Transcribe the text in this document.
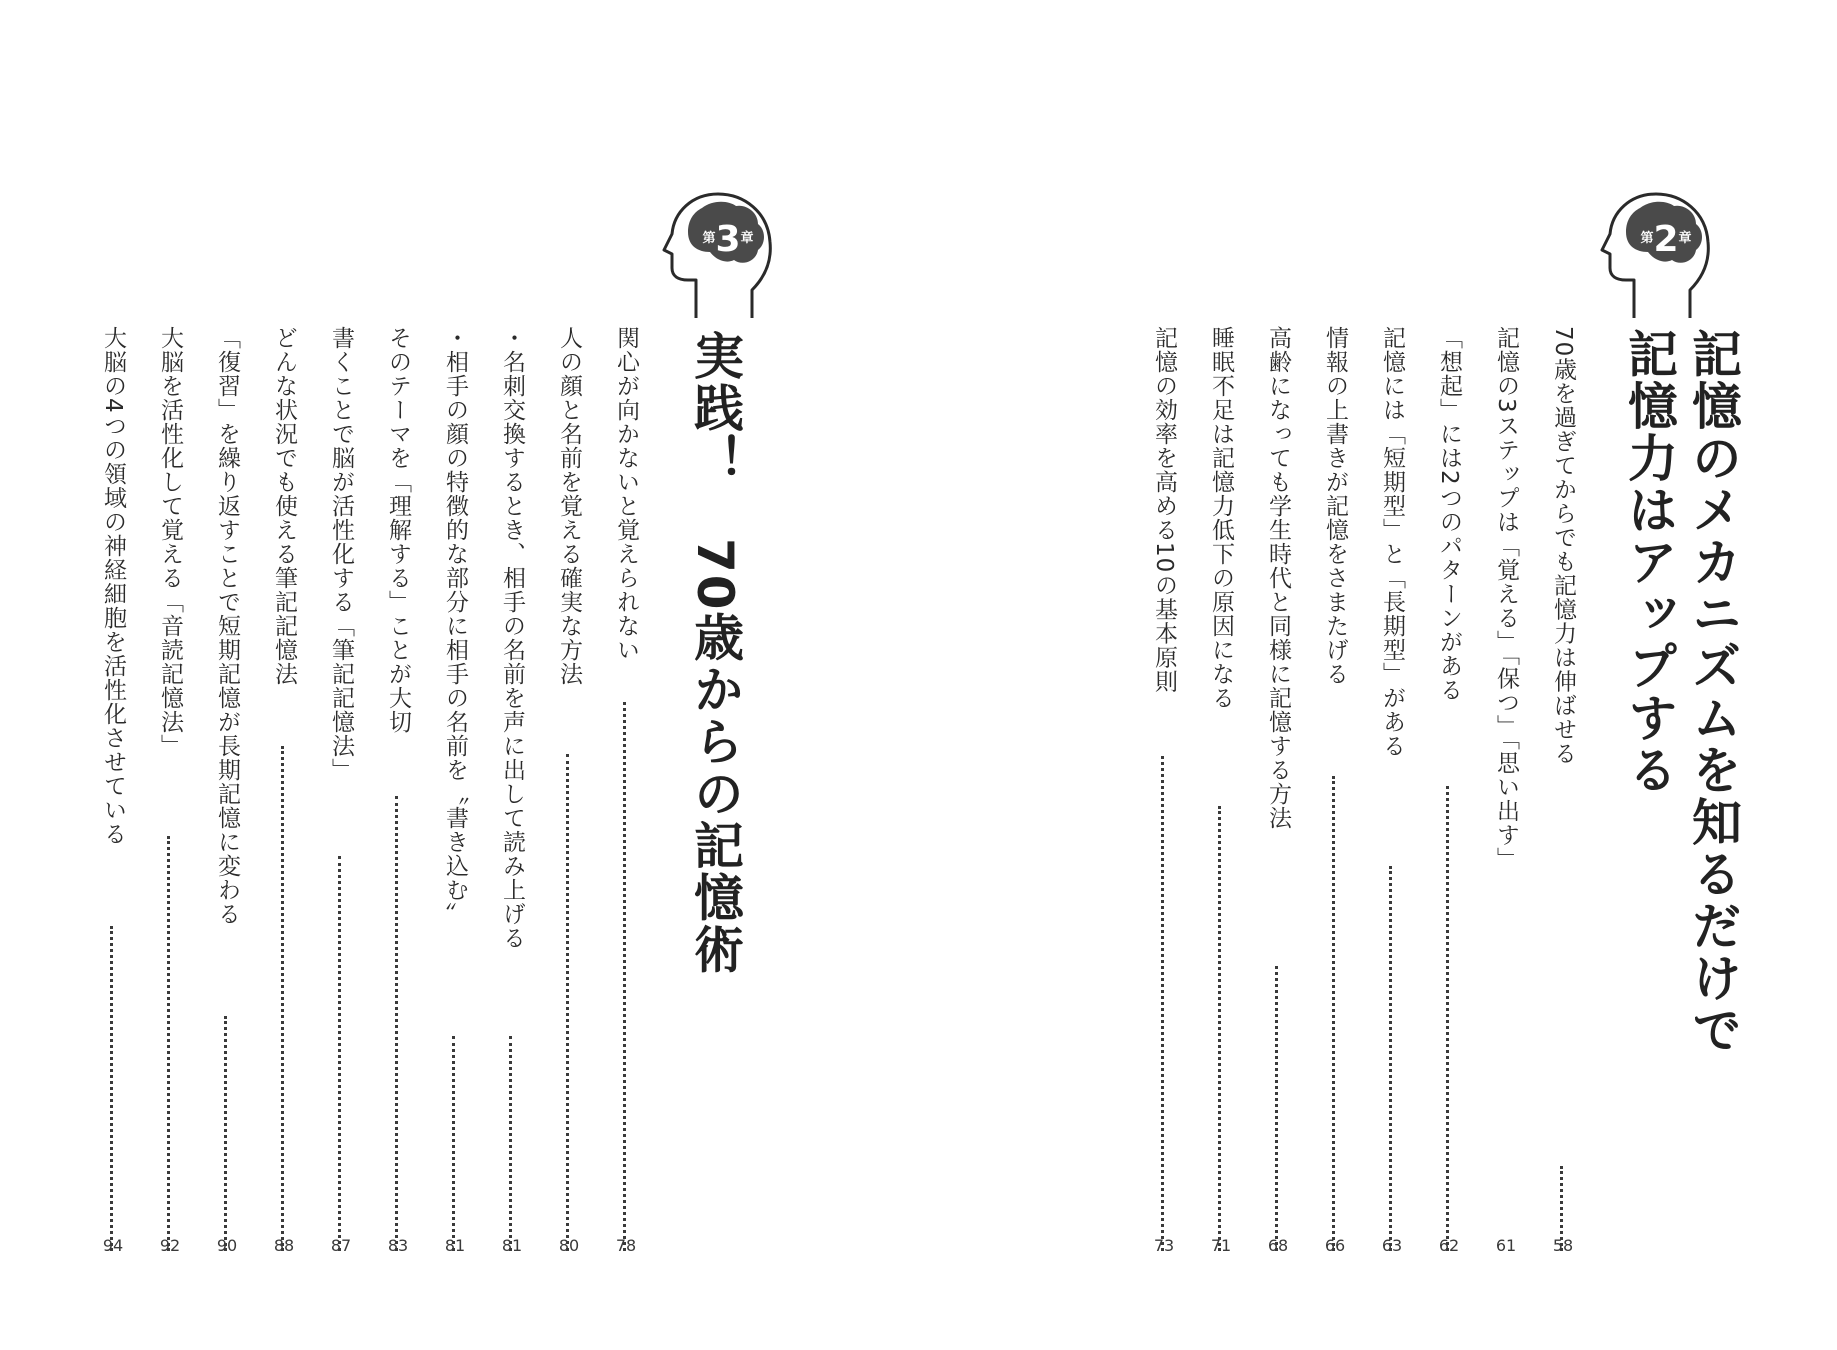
$^第3^章$
実践！　70歳からの記憶術
関心が向かないと覚えられない
人の顔と名前を覚える確実な方法
・名刺交換するとき、相手の名前を声に出して読み上げる
・相手の顔の特徴的な部分に相手の名前を〝書き込む〟
そのテーマを「理解する」ことが大切
書くことで脳が活性化する「筆記記憶法」
どんな状況でも使える筆記記憶法
「復習」を繰り返すことで短期記憶が長期記憶に変わる
大脳を活性化して覚える「音読記憶法」
大脳の4つの領域の神経細胞を活性化させている
78
80
81
81
83
87
88
90
92
94
$^第2^章$
記憶のメカニズムを知るだけで
記憶力はアップする
70歳を過ぎてからでも記憶力は伸ばせる
記憶の3ステップは「覚える」「保つ」「思い出す」
「想起」には2つのパターンがある
記憶には「短期型」と「長期型」がある
情報の上書きが記憶をさまたげる
高齢になっても学生時代と同様に記憶する方法
睡眠不足は記憶力低下の原因になる
記憶の効率を高める10の基本原則
58
61
62
63
66
68
71
73
